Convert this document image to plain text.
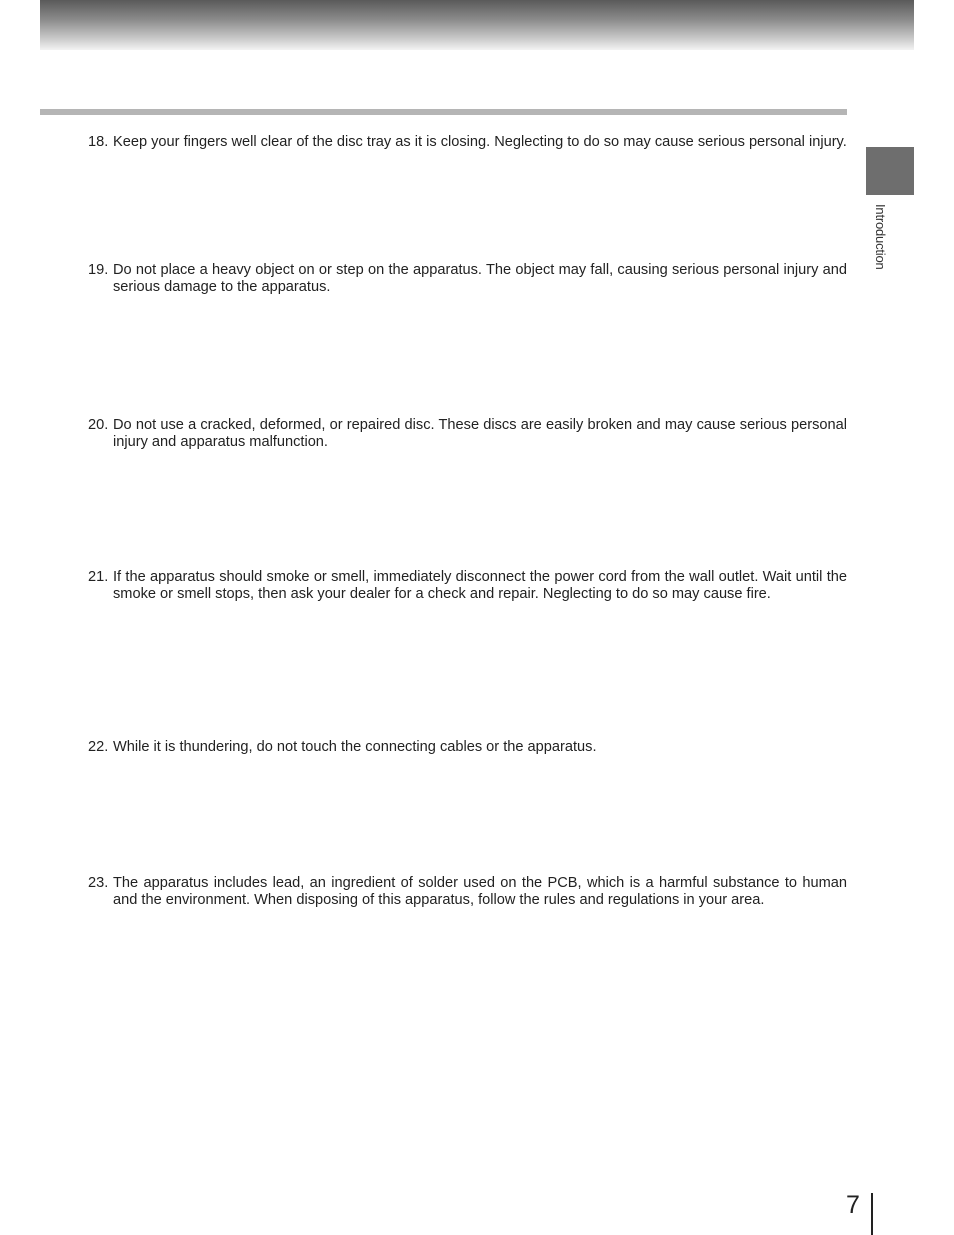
Introduction
18. Keep your fingers well clear of the disc tray as it is closing. Neglecting to do so may cause serious personal injury.
19. Do not place a heavy object on or step on the apparatus. The object may fall, causing serious personal injury and serious damage to the apparatus.
20. Do not use a cracked, deformed, or repaired disc. These discs are easily broken and may cause serious personal injury and apparatus malfunction.
21. If the apparatus should smoke or smell, immediately disconnect the power cord from the wall outlet. Wait until the smoke or smell stops, then ask your dealer for a check and repair. Neglecting to do so may cause fire.
22. While it is thundering, do not touch the connecting cables or the apparatus.
23. The apparatus includes lead, an ingredient of solder used on the PCB, which is a harmful substance to human and the environment. When disposing of this apparatus, follow the rules and regulations in your area.
7
